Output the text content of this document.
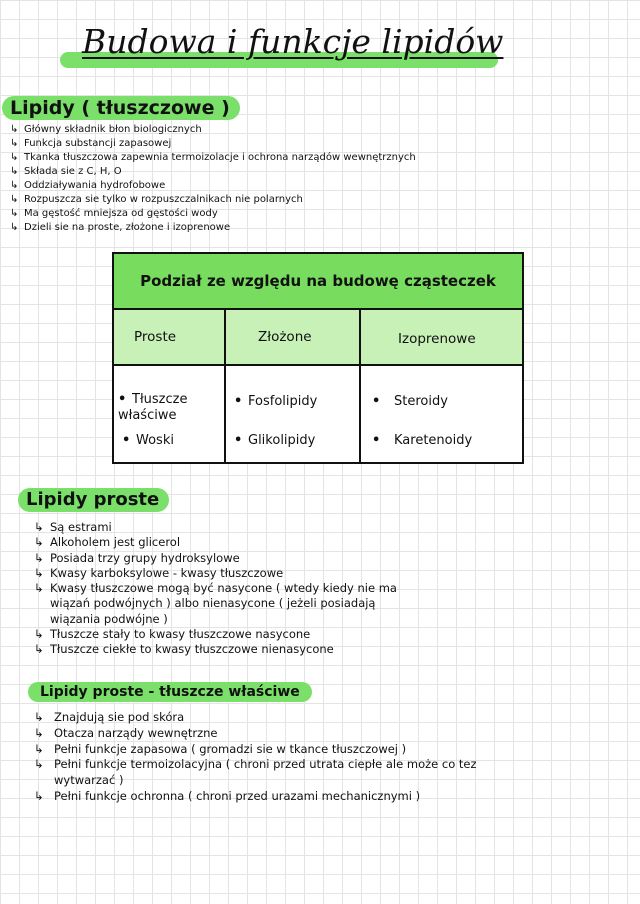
Budowa i funkcje lipidów
Lipidy ( tłuszczowe )
↳ Główny składnik błon biologicznych
↳ Funkcja substancji zapasowej
↳ Tkanka tłuszczowa zapewnia termoizolacje i ochrona narządów wewnętrznych
↳ Składa sie z C, H, O
↳ Oddziaływania hydrofobowe
↳ Rozpuszcza sie tylko w rozpuszczalnikach nie polarnych
↳ Ma gęstość mniejsza od gęstości wody
↳ Dzieli sie na proste, złożone i izoprenowe
Podział ze względu na budowę cząsteczek
Proste	Złożone	Izoprenowe
• Tłuszcze właściwe
• Woski
• Fosfolipidy
• Glikolipidy
• Steroidy
• Karetenoidy
Lipidy proste
↳ Są estrami
↳ Alkoholem jest glicerol
↳ Posiada trzy grupy hydroksylowe
↳ Kwasy karboksylowe - kwasy tłuszczowe
↳ Kwasy tłuszczowe mogą być nasycone ( wtedy kiedy nie ma
wiązań podwójnych ) albo nienasycone ( jeżeli posiadają
wiązania podwójne )
↳ Tłuszcze stały to kwasy tłuszczowe nasycone
↳ Tłuszcze ciekłe to kwasy tłuszczowe nienasycone
Lipidy proste - tłuszcze właściwe
↳ Znajdują sie pod skóra
↳ Otacza narządy wewnętrzne
↳ Pełni funkcje zapasowa ( gromadzi sie w tkance tłuszczowej )
↳ Pełni funkcje termoizolacyjna ( chroni przed utrata ciepłe ale może co tez
wytwarzać )
↳ Pełni funkcje ochronna ( chroni przed urazami mechanicznymi )
